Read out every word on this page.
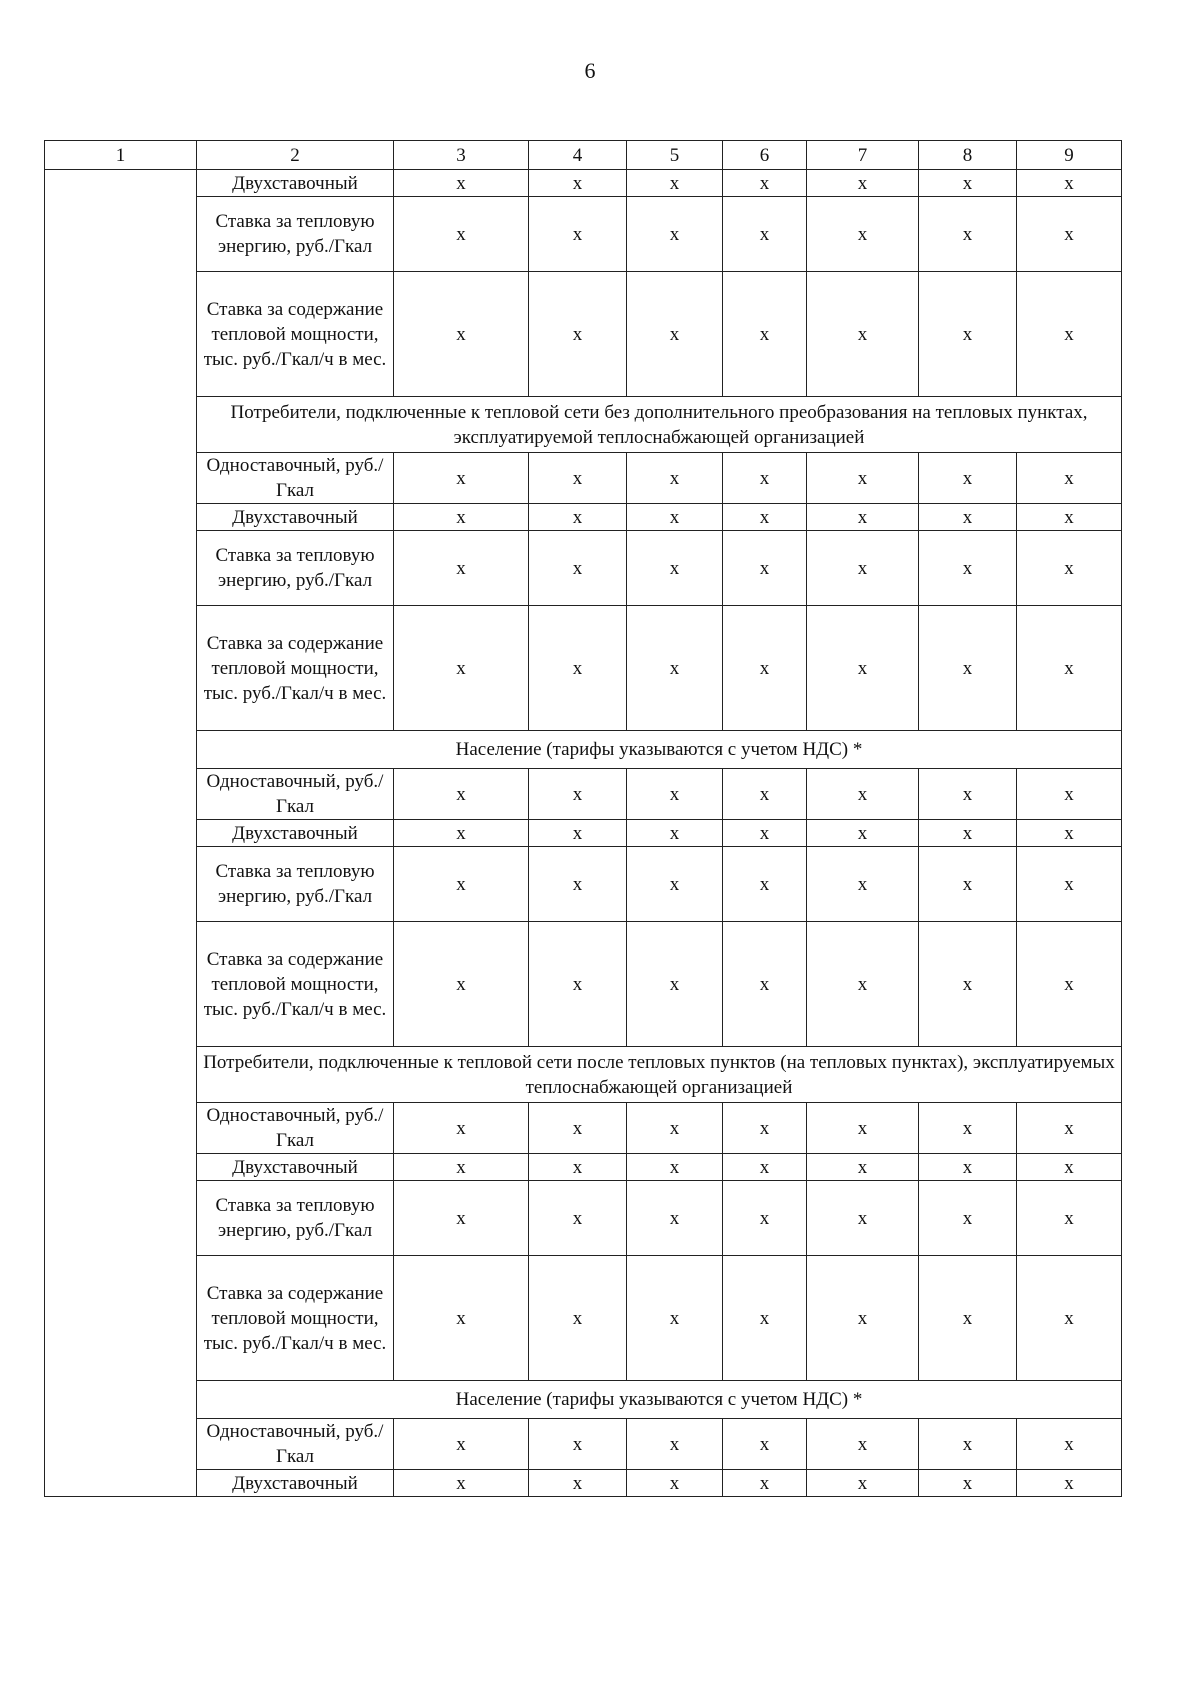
6
1	2	3	4	5	6	7	8	9
	Двухставочный	х	х	х	х	х	х	х
	Ставка за тепловую энергию, руб./Гкал	х	х	х	х	х	х	х
	Ставка за содержание тепловой мощности, тыс. руб./Гкал/ч в мес.	х	х	х	х	х	х	х
	Потребители, подключенные к тепловой сети без дополнительного преобразования на тепловых пунктах, эксплуатируемой теплоснабжающей организацией							
	Одноставочный, руб./Гкал	х	х	х	х	х	х	х
	Двухставочный	х	х	х	х	х	х	х
	Ставка за тепловую энергию, руб./Гкал	х	х	х	х	х	х	х
	Ставка за содержание тепловой мощности, тыс. руб./Гкал/ч в мес.	х	х	х	х	х	х	х
	Население (тарифы указываются с учетом НДС) *							
	Одноставочный, руб./Гкал	х	х	х	х	х	х	х
	Двухставочный	х	х	х	х	х	х	х
	Ставка за тепловую энергию, руб./Гкал	х	х	х	х	х	х	х
	Ставка за содержание тепловой мощности, тыс. руб./Гкал/ч в мес.	х	х	х	х	х	х	х
	Потребители, подключенные к тепловой сети после тепловых пунктов (на тепловых пунктах), эксплуатируемых теплоснабжающей организацией							
	Одноставочный, руб./Гкал	х	х	х	х	х	х	х
	Двухставочный	х	х	х	х	х	х	х
	Ставка за тепловую энергию, руб./Гкал	х	х	х	х	х	х	х
	Ставка за содержание тепловой мощности, тыс. руб./Гкал/ч в мес.	х	х	х	х	х	х	х
	Население (тарифы указываются с учетом НДС) *							
	Одноставочный, руб./Гкал	х	х	х	х	х	х	х
	Двухставочный	х	х	х	х	х	х	х
